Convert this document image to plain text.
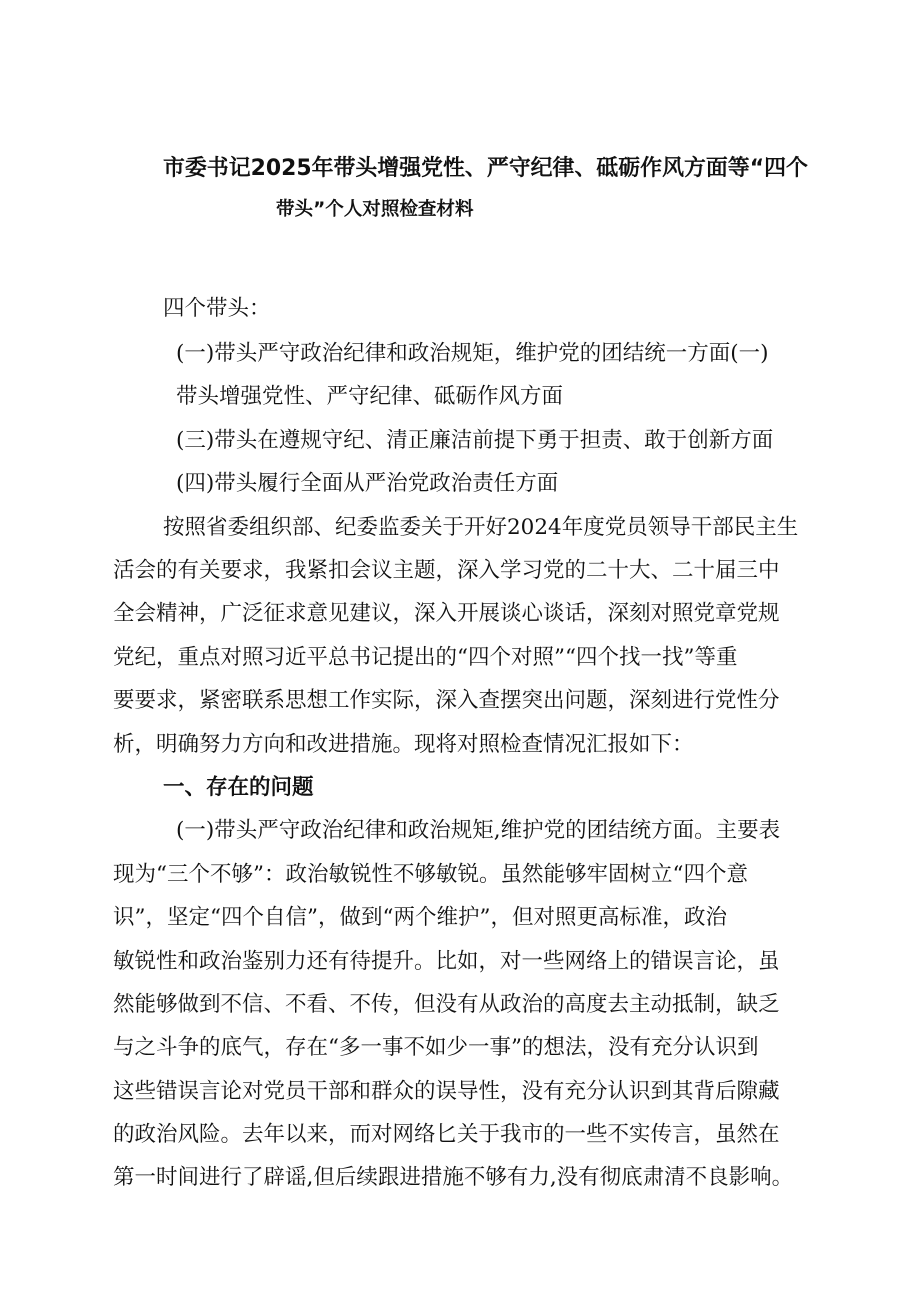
市委书记2025年带头增强党性、严守纪律、砥砺作风方面等“四个
带头”个人对照检查材料
四个带头：
(一)带头严守政治纪律和政治规矩，维护党的团结统一方面(一)
带头增强党性、严守纪律、砥砺作风方面
(三)带头在遵规守纪、清正廉洁前提下勇于担责、敢于创新方面
(四)带头履行全面从严治党政治责任方面
按照省委组织部、纪委监委关于开好2024年度党员领导干部民主生
活会的有关要求，我紧扣会议主题，深入学习党的二十大、二十届三中
全会精神，广泛征求意见建议，深入开展谈心谈话，深刻对照党章党规
党纪，重点对照习近平总书记提出的“四个对照”“四个找一找”等重
要要求，紧密联系思想工作实际，深入查摆突出问题，深刻进行党性分
析，明确努力方向和改进措施。现将对照检查情况汇报如下：
一、存在的问题
(一)带头严守政治纪律和政治规矩,维护党的团结统方面。主要表
现为“三个不够”：政治敏锐性不够敏锐。虽然能够牢固树立“四个意
识”，坚定“四个自信”，做到“两个维护”，但对照更高标准，政治
敏锐性和政治鉴别力还有待提升。比如，对一些网络上的错误言论，虽
然能够做到不信、不看、不传，但没有从政治的高度去主动抵制，缺乏
与之斗争的底气，存在“多一事不如少一事”的想法，没有充分认识到
这些错误言论对党员干部和群众的误导性，没有充分认识到其背后隙藏
的政治风险。去年以来，而对网络匕关于我市的一些不实传言，虽然在
第一时间进行了辟谣,但后续跟进措施不够有力,没有彻底肃清不良影响。
